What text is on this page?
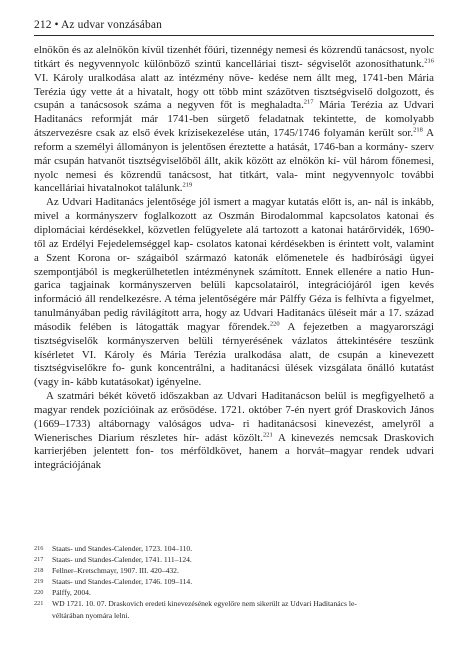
212 • Az udvar vonzásában

elnökön és az alelnökön kívül tizenhét főúri, tizennégy nemesi és közrendű tanácsost, nyolc titkárt és negyvennyolc különböző szintű kancelláriai tiszt- ségviselőt azonosíthatunk.$^{216}$ VI. Károly uralkodása alatt az intézmény növe- kedése nem állt meg, 1741-ben Mária Terézia úgy vette át a hivatalt, hogy ott több mint százötven tisztségviselő dolgozott, és csupán a tanácsosok száma a negyven főt is meghaladta.$^{217}$ Mária Terézia az Udvari Haditanács reformját már 1741-ben sürgető feladatnak tekintette, de komolyabb átszervezésre csak az első évek krízisekezelése után, 1745/1746 folyamán került sor.$^{218}$ A reform a személyi állományon is jelentősen éreztette a hatását, 1746-ban a kormány- szerv már csupán hatvanöt tisztségviselőből állt, akik között az elnökön kí- vül három főnemesi, nyolc nemesi és közrendű tanácsost, hat titkárt, vala- mint negyvennyolc további kancelláriai hivatalnokot találunk.$^{219}$

Az Udvari Haditanács jelentősége jól ismert a magyar kutatás előtt is, an- nál is inkább, mivel a kormányszerv foglalkozott az Oszmán Birodalommal kapcsolatos katonai és diplomáciai kérdésekkel, közvetlen felügyelete alá tartozott a katonai határőrvidék, 1690-től az Erdélyi Fejedelemséggel kap- csolatos katonai kérdésekben is érintett volt, valamint a Szent Korona or- szágaiból származó katonák előmenetele és hadbírósági ügyei szempontjából is megkerülhetetlen intézménynek számított. Ennek ellenére a natio Hun- garica tagjainak kormányszerven belüli kapcsolatairól, integrációjáról igen kevés információ áll rendelkezésre. A téma jelentőségére már Pálffy Géza is felhívta a figyelmet, tanulmányában pedig rávilágított arra, hogy az Udvari Haditanács üléseit már a 17. század második felében is látogatták magyar főrendek.$^{220}$ A fejezetben a magyarországi tisztségviselők kormányszerven belüli térnyerésének vázlatos áttekintésére teszünk kísérletet VI. Károly és Mária Terézia uralkodása alatt, de csupán a kinevezett tisztségviselőkre fo- gunk koncentrálni, a haditanácsi ülések vizsgálata önálló kutatást (vagy in- kább kutatásokat) igényelne.

A szatmári békét követő időszakban az Udvari Haditanácson belül is megfigyelhető a magyar rendek pozícióinak az erősödése. 1721. október 7-én nyert gróf Draskovich János (1669–1733) altábornagy valóságos udva- ri haditanácsosi kinevezést, amelyről a Wienerisches Diarium részletes hír- adást közölt.$^{221}$ A kinevezés nemcsak Draskovich karrierjében jelentett fon- tos mérföldkövet, hanem a horvát–magyar rendek udvari integrációjának

216	Staats- und Standes-Calender, 1723. 104–110.
217	Staats- und Standes-Calender, 1741. 111–124.
218	Fellner–Kretschmayr, 1907. III. 420–432.
219	Staats- und Standes-Calender, 1746. 109–114.
220	Pálffy, 2004.
221	WD 1721. 10. 07. Draskovich eredeti kinevezésének egyelőre nem sikerült az Udvari Haditanács le-
véltárában nyomára lelni.
